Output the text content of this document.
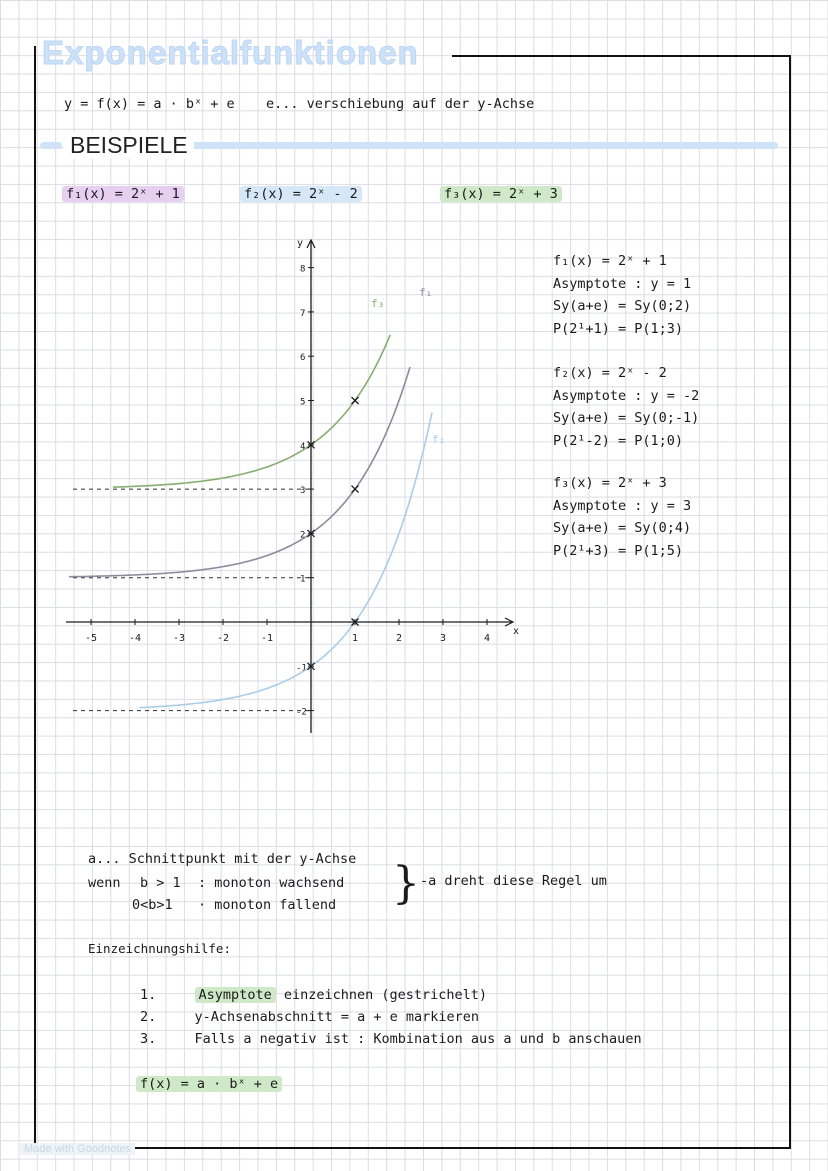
Exponentialfunktionen
y = f(x) = a · bˣ + e e... verschiebung auf der y-Achse
BEISPIELE
f₁(x) = 2ˣ + 1	f₂(x) = 2ˣ - 2	f₃(x) = 2ˣ + 3
x
y
-5	-4	-3	-2	-1	1	2	3	4
-2
-1
1
2
3
4
5
6
7
8
f₃
f₁
f₂
f₁(x) = 2ˣ + 1
Asymptote : y = 1
Sy(a+e) = Sy(0;2)
P(2¹+1) = P(1;3)
f₂(x) = 2ˣ - 2
Asymptote : y = -2
Sy(a+e) = Sy(0;-1)
P(2¹-2) = P(1;0)
f₃(x) = 2ˣ + 3
Asymptote : y = 3
Sy(a+e) = Sy(0;4)
P(2¹+3) = P(1;5)
a... Schnittpunkt mit der y-Achse
wenn b > 1 : monoton wachsend
0<b>1 · monoton fallend } -a dreht diese Regel um
Einzeichnungshilfe:
1.	Asymptote einzeichnen (gestrichelt)
2.	y-Achsenabschnitt = a + e markieren
3.	Falls a negativ ist : Kombination aus a und b anschauen
f(x) = a · bˣ + e
Made with Goodnotes
